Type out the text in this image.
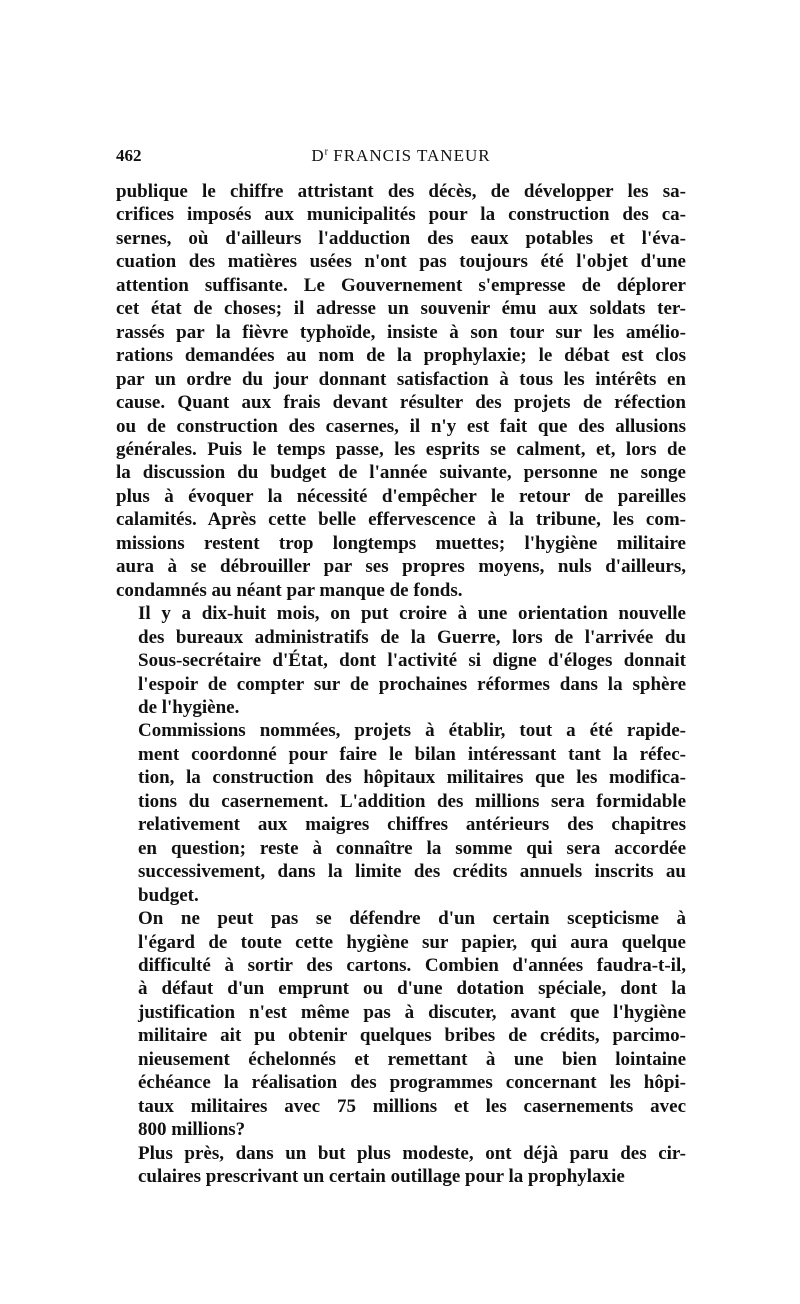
462	$D^r$ FRANCIS TANEUR

publique le chiffre attristant des décès, de développer les sa-
crifices imposés aux municipalités pour la construction des ca-
sernes, où d'ailleurs l'adduction des eaux potables et l'éva-
cuation des matières usées n'ont pas toujours été l'objet d'une
attention suffisante. Le Gouvernement s'empresse de déplorer
cet état de choses; il adresse un souvenir ému aux soldats ter-
rassés par la fièvre typhoïde, insiste à son tour sur les amélio-
rations demandées au nom de la prophylaxie; le débat est clos
par un ordre du jour donnant satisfaction à tous les intérêts en
cause. Quant aux frais devant résulter des projets de réfection
ou de construction des casernes, il n'y est fait que des allusions
générales. Puis le temps passe, les esprits se calment, et, lors de
la discussion du budget de l'année suivante, personne ne songe
plus à évoquer la nécessité d'empêcher le retour de pareilles
calamités. Après cette belle effervescence à la tribune, les com-
missions restent trop longtemps muettes; l'hygiène militaire
aura à se débrouiller par ses propres moyens, nuls d'ailleurs,
condamnés au néant par manque de fonds.

Il y a dix-huit mois, on put croire à une orientation nouvelle
des bureaux administratifs de la Guerre, lors de l'arrivée du
Sous-secrétaire d'État, dont l'activité si digne d'éloges donnait
l'espoir de compter sur de prochaines réformes dans la sphère
de l'hygiène.

Commissions nommées, projets à établir, tout a été rapide-
ment coordonné pour faire le bilan intéressant tant la réfec-
tion, la construction des hôpitaux militaires que les modifica-
tions du casernement. L'addition des millions sera formidable
relativement aux maigres chiffres antérieurs des chapitres
en question; reste à connaître la somme qui sera accordée
successivement, dans la limite des crédits annuels inscrits au
budget.

On ne peut pas se défendre d'un certain scepticisme à
l'égard de toute cette hygiène sur papier, qui aura quelque
difficulté à sortir des cartons. Combien d'années faudra-t-il,
à défaut d'un emprunt ou d'une dotation spéciale, dont la
justification n'est même pas à discuter, avant que l'hygiène
militaire ait pu obtenir quelques bribes de crédits, parcimo-
nieusement échelonnés et remettant à une bien lointaine
échéance la réalisation des programmes concernant les hôpi-
taux militaires avec 75 millions et les casernements avec
800 millions?

Plus près, dans un but plus modeste, ont déjà paru des cir-
culaires prescrivant un certain outillage pour la prophylaxie
